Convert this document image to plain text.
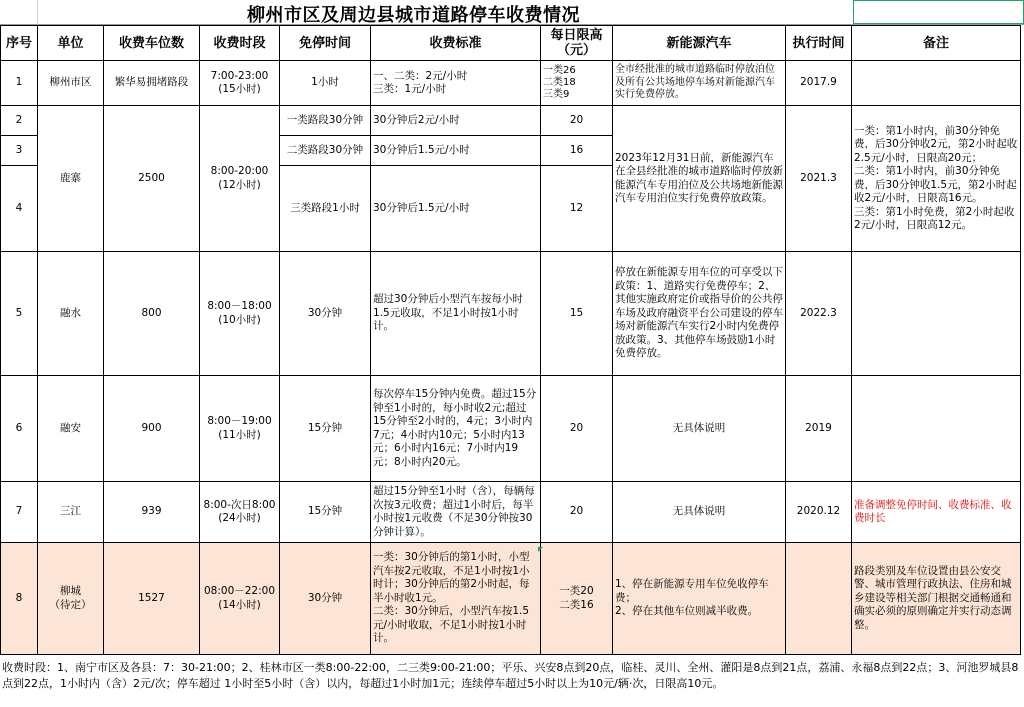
柳州市区及周边县城市道路停车收费情况
序号	单位	收费车位数	收费时段	免停时间	收费标准	每日限高
（元）	新能源汽车	执行时间	备注
1	柳州市区	繁华易拥堵路段	7:00-23:00
(15小时)	1小时	一、二类：2元/小时
三类：1元/小时	一类26
二类18
三类9	全市经批准的城市道路临时停放泊位及所有公共场地停车场对新能源汽车实行免费停放。	2017.9	
2	鹿寨	2500	8:00-20:00
(12小时)	一类路段30分钟	30分钟后2元/小时	20	2023年12月31日前，新能源汽车在全县经批准的城市道路临时停放新能源汽车专用泊位及公共场地新能源汽车专用泊位实行免费停放政策。	2021.3	一类：第1小时内，前30分钟免费，后30分钟收2元，第2小时起收2.5元/小时，日限高20元；
二类：第1小时内，前30分钟免费，后30分钟收1.5元，第2小时起收2元/小时，日限高16元。
三类：第1小时免费，第2小时起收2元/小时，日限高12元。
3				二类路段30分钟	30分钟后1.5元/小时	16			
4				三类路段1小时	30分钟后1.5元/小时	12			
5	融水	800	8:00－18:00
(10小时)	30分钟	超过30分钟后小型汽车按每小时1.5元收取，不足1小时按1小时计。	15	停放在新能源专用车位的可享受以下政策：1、道路实行免费停车；2、其他实施政府定价或指导价的公共停车场及政府融资平台公司建设的停车场对新能源汽车实行2小时内免费停放政策。3、其他停车场鼓励1小时免费停放。	2022.3	
6	融安	900	8:00－19:00
(11小时)	15分钟	每次停车15分钟内免费。超过15分钟至1小时的，每小时收2元;超过15分钟至2小时的，4元；3小时内7元；4小时内10元；5小时内13元；6小时内16元；7小时内19元；8小时内20元。	20	无具体说明	2019	
7	三江	939	8:00-次日8:00
(24小时)	15分钟	超过15分钟至1小时（含），每辆每次按3元收费；超过1小时后，每半小时按1元收费（不足30分钟按30分钟计算）。	20	无具体说明	2020.12	准备调整免停时间、收费标准、收费时长
8	柳城
（待定）	1527	08:00－22:00
(14小时)	30分钟	一类：30分钟后的第1小时，小型汽车按2元收取，不足1小时按1小时计；30分钟后的第2小时起，每半小时收1元。
二类：30分钟后，小型汽车按1.5元/小时收取，不足1小时按1小时计。	一类20
二类16	1、停在新能源专用车位免收停车费；
2、停在其他车位则减半收费。		路段类别及车位设置由县公安交警、城市管理行政执法、住房和城乡建设等相关部门根据交通畅通和确实必须的原则确定并实行动态调整。
收费时段：1、南宁市区及各县：7：30-21:00；2、桂林市区一类8:00-22:00，二三类9:00-21:00；平乐、兴安8点到20点，临桂、灵川、全州、灌阳是8点到21点，荔浦、永福8点到22点；3、河池罗城县8点到22点，1小时内（含）2元/次；停车超过 1小时至5小时（含）以内，每超过1小时加1元；连续停车超过5小时以上为10元/辆·次，日限高10元。
